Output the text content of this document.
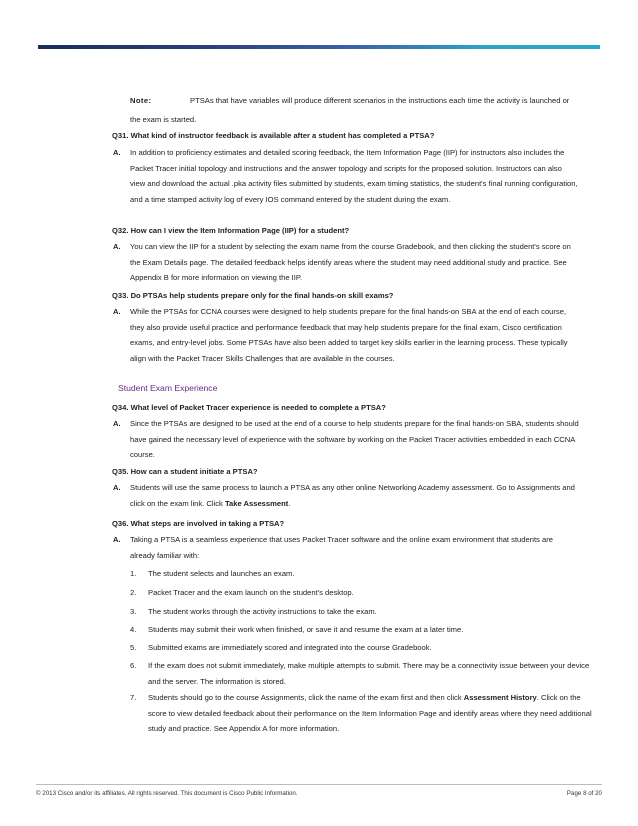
Note:	PTSAs that have variables will produce different scenarios in the instructions each time the activity is launched or the exam is started.
Q31. What kind of instructor feedback is available after a student has completed a PTSA?
A. In addition to proficiency estimates and detailed scoring feedback, the Item Information Page (IIP) for instructors also includes the Packet Tracer initial topology and instructions and the answer topology and scripts for the proposed solution. Instructors can also view and download the actual .pka activity files submitted by students, exam timing statistics, the student's final running configuration, and a time stamped activity log of every IOS command entered by the student during the exam.
Q32. How can I view the Item Information Page (IIP) for a student?
A. You can view the IIP for a student by selecting the exam name from the course Gradebook, and then clicking the student's score on the Exam Details page. The detailed feedback helps identify areas where the student may need additional study and practice. See Appendix B for more information on viewing the IIP.
Q33. Do PTSAs help students prepare only for the final hands-on skill exams?
A. While the PTSAs for CCNA courses were designed to help students prepare for the final hands-on SBA at the end of each course, they also provide useful practice and performance feedback that may help students prepare for the final exam, Cisco certification exams, and entry-level jobs. Some PTSAs have also been added to target key skills earlier in the learning process. These typically align with the Packet Tracer Skills Challenges that are available in the courses.
Student Exam Experience
Q34. What level of Packet Tracer experience is needed to complete a PTSA?
A. Since the PTSAs are designed to be used at the end of a course to help students prepare for the final hands-on SBA, students should have gained the necessary level of experience with the software by working on the Packet Tracer activities embedded in each CCNA course.
Q35. How can a student initiate a PTSA?
A. Students will use the same process to launch a PTSA as any other online Networking Academy assessment. Go to Assignments and click on the exam link. Click Take Assessment.
Q36. What steps are involved in taking a PTSA?
A. Taking a PTSA is a seamless experience that uses Packet Tracer software and the online exam environment that students are already familiar with:
1. The student selects and launches an exam.
2. Packet Tracer and the exam launch on the student's desktop.
3. The student works through the activity instructions to take the exam.
4. Students may submit their work when finished, or save it and resume the exam at a later time.
5. Submitted exams are immediately scored and integrated into the course Gradebook.
6. If the exam does not submit immediately, make multiple attempts to submit. There may be a connectivity issue between your device and the server. The information is stored.
7. Students should go to the course Assignments, click the name of the exam first and then click Assessment History. Click on the score to view detailed feedback about their performance on the Item Information Page and identify areas where they need additional study and practice. See Appendix A for more information.
© 2013 Cisco and/or its affiliates. All rights reserved. This document is Cisco Public Information.	Page 8 of 20
